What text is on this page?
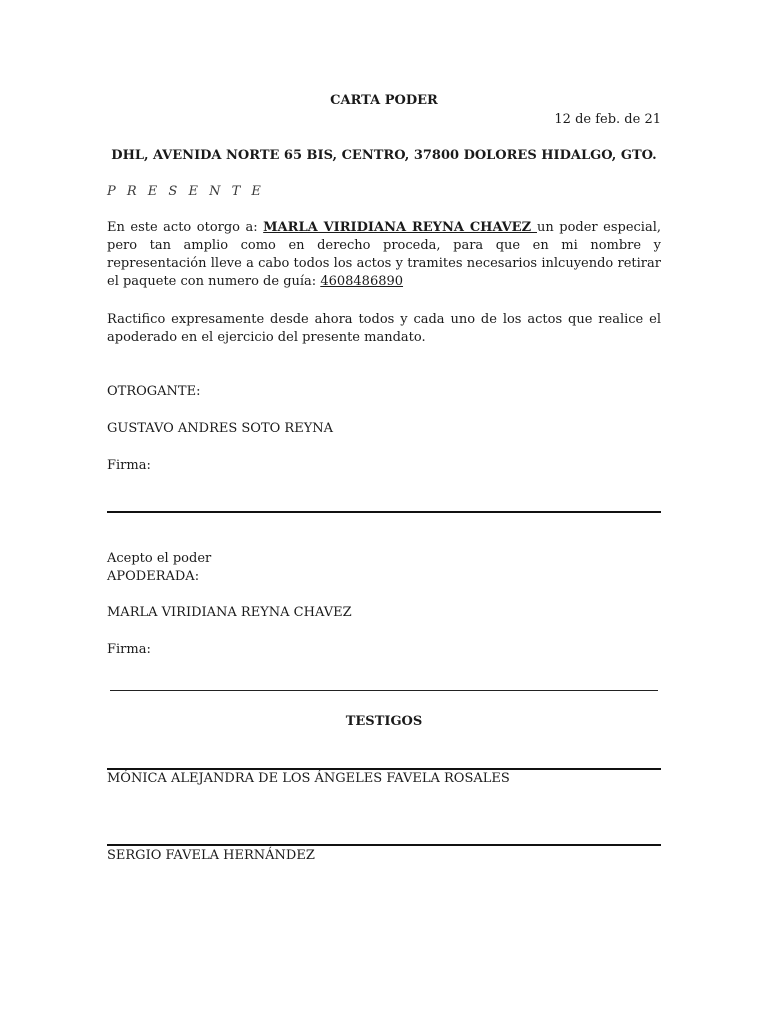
CARTA PODER
12 de feb. de 21
DHL, AVENIDA NORTE 65 BIS, CENTRO, 37800 DOLORES HIDALGO, GTO.
P R E S E N T E
En este acto otorgo a: MARLA VIRIDIANA REYNA CHAVEZ un poder especial, pero tan amplio como en derecho proceda, para que en mi nombre y representación lleve a cabo todos los actos y tramites necesarios inlcuyendo retirar el paquete con numero de guía: 4608486890
Ractifico expresamente desde ahora todos y cada uno de los actos que realice el apoderado en el ejercicio del presente mandato.
OTROGANTE:
GUSTAVO ANDRES SOTO REYNA
Firma:
Acepto el poder
APODERADA:
MARLA VIRIDIANA REYNA CHAVEZ
Firma:
TESTIGOS
MÓNICA ALEJANDRA DE LOS ÁNGELES FAVELA ROSALES
SERGIO FAVELA HERNÁNDEZ
